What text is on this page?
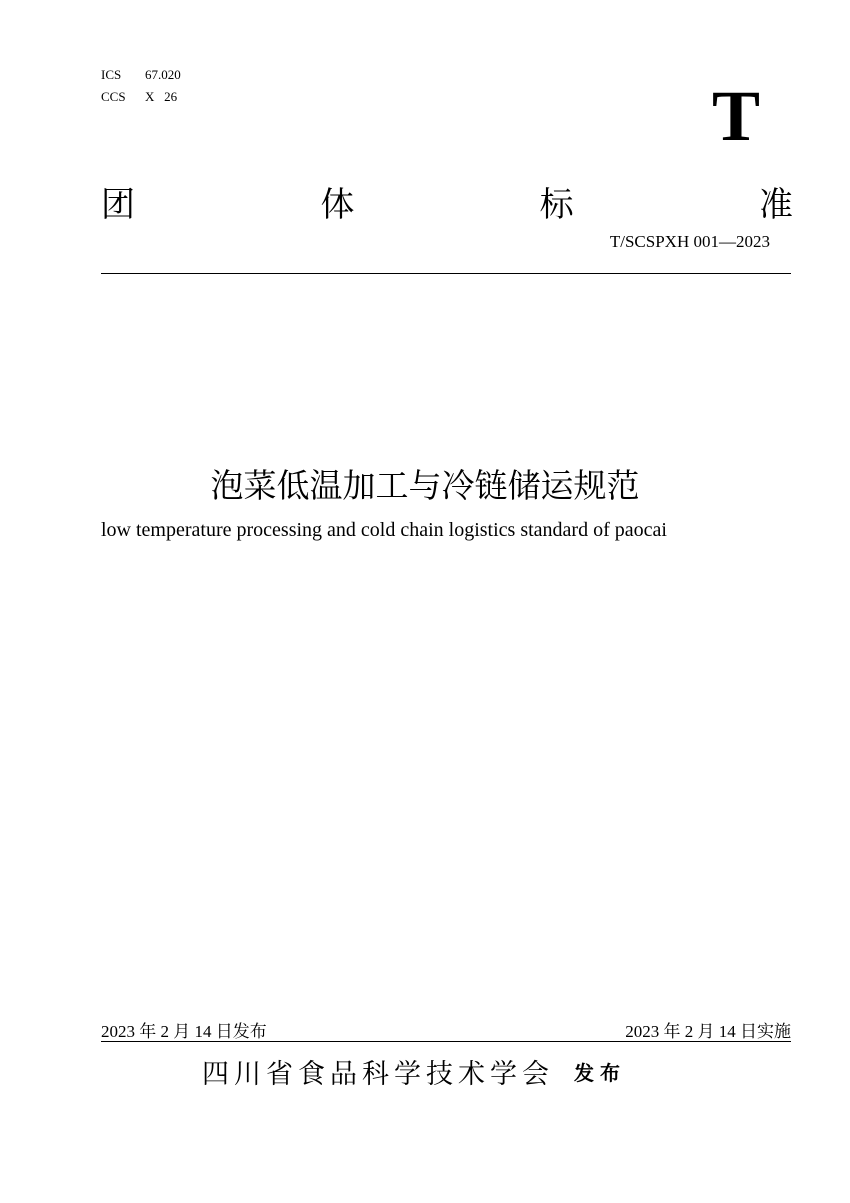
ICS 67.020
CCS X   26	T
团	体	标	准
T/SCSPXH 001—2023
泡菜低温加工与冷链储运规范
low temperature processing and cold chain logistics standard of paocai
2023 年 2 月 14 日发布	2023 年 2 月 14 日实施
四川省食品科学技术学会 发布
